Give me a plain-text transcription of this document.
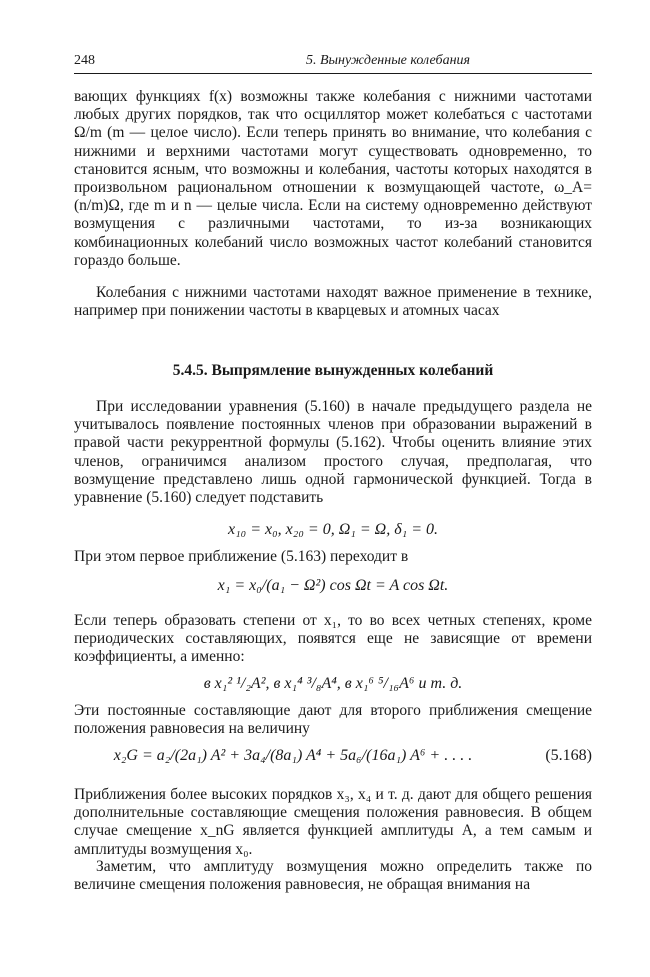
248	5. Вынужденные колебания

вающих функциях f(x) возможны также колебания с нижними частотами любых других порядков, так что осциллятор может колебаться с частотами Ω/m (m — целое число). Если теперь принять во внимание, что колебания с нижними и верхними частотами могут существовать одновременно, то становится ясным, что возможны и колебания, частоты которых находятся в произвольном рациональном отношении к возмущающей частоте, ω_A=(n/m)Ω, где m и n — целые числа. Если на систему одновременно действуют возмущения с различными частотами, то из-за возникающих комбинационных колебаний число возможных частот колебаний становится гораздо больше.

Колебания с нижними частотами находят важное применение в технике, например при понижении частоты в кварцевых и атомных часах

5.4.5. Выпрямление вынужденных колебаний

При исследовании уравнения (5.160) в начале предыдущего раздела не учитывалось появление постоянных членов при образовании выражений в правой части рекуррентной формулы (5.162). Чтобы оценить влияние этих членов, ограничимся анализом простого случая, предполагая, что возмущение представлено лишь одной гармонической функцией. Тогда в уравнение (5.160) следует подставить

x₁₀ = x₀, x₂₀ = 0, Ω₁ = Ω, δ₁ = 0.

При этом первое приближение (5.163) переходит в

x₁ = x₀/(a₁ − Ω²) cos Ωt = A cos Ωt.

Если теперь образовать степени от x₁, то во всех четных степенях, кроме периодических составляющих, появятся еще не зависящие от времени коэффициенты, а именно:

в x₁² ¹/₂A², в x₁⁴ ³/₈A⁴, в x₁⁶ ⁵/₁₆A⁶ и т. д.

Эти постоянные составляющие дают для второго приближения смещение положения равновесия на величину

x₂G = a₂/(2a₁) A² + 3a₄/(8a₁) A⁴ + 5a₆/(16a₁) A⁶ + . . . .	(5.168)

Приближения более высоких порядков x₃, x₄ и т. д. дают для общего решения дополнительные составляющие смещения положения равновесия. В общем случае смещение x_nG является функцией амплитуды A, а тем самым и амплитуды возмущения x₀.

Заметим, что амплитуду возмущения можно определить также по величине смещения положения равновесия, не обращая внимания на
